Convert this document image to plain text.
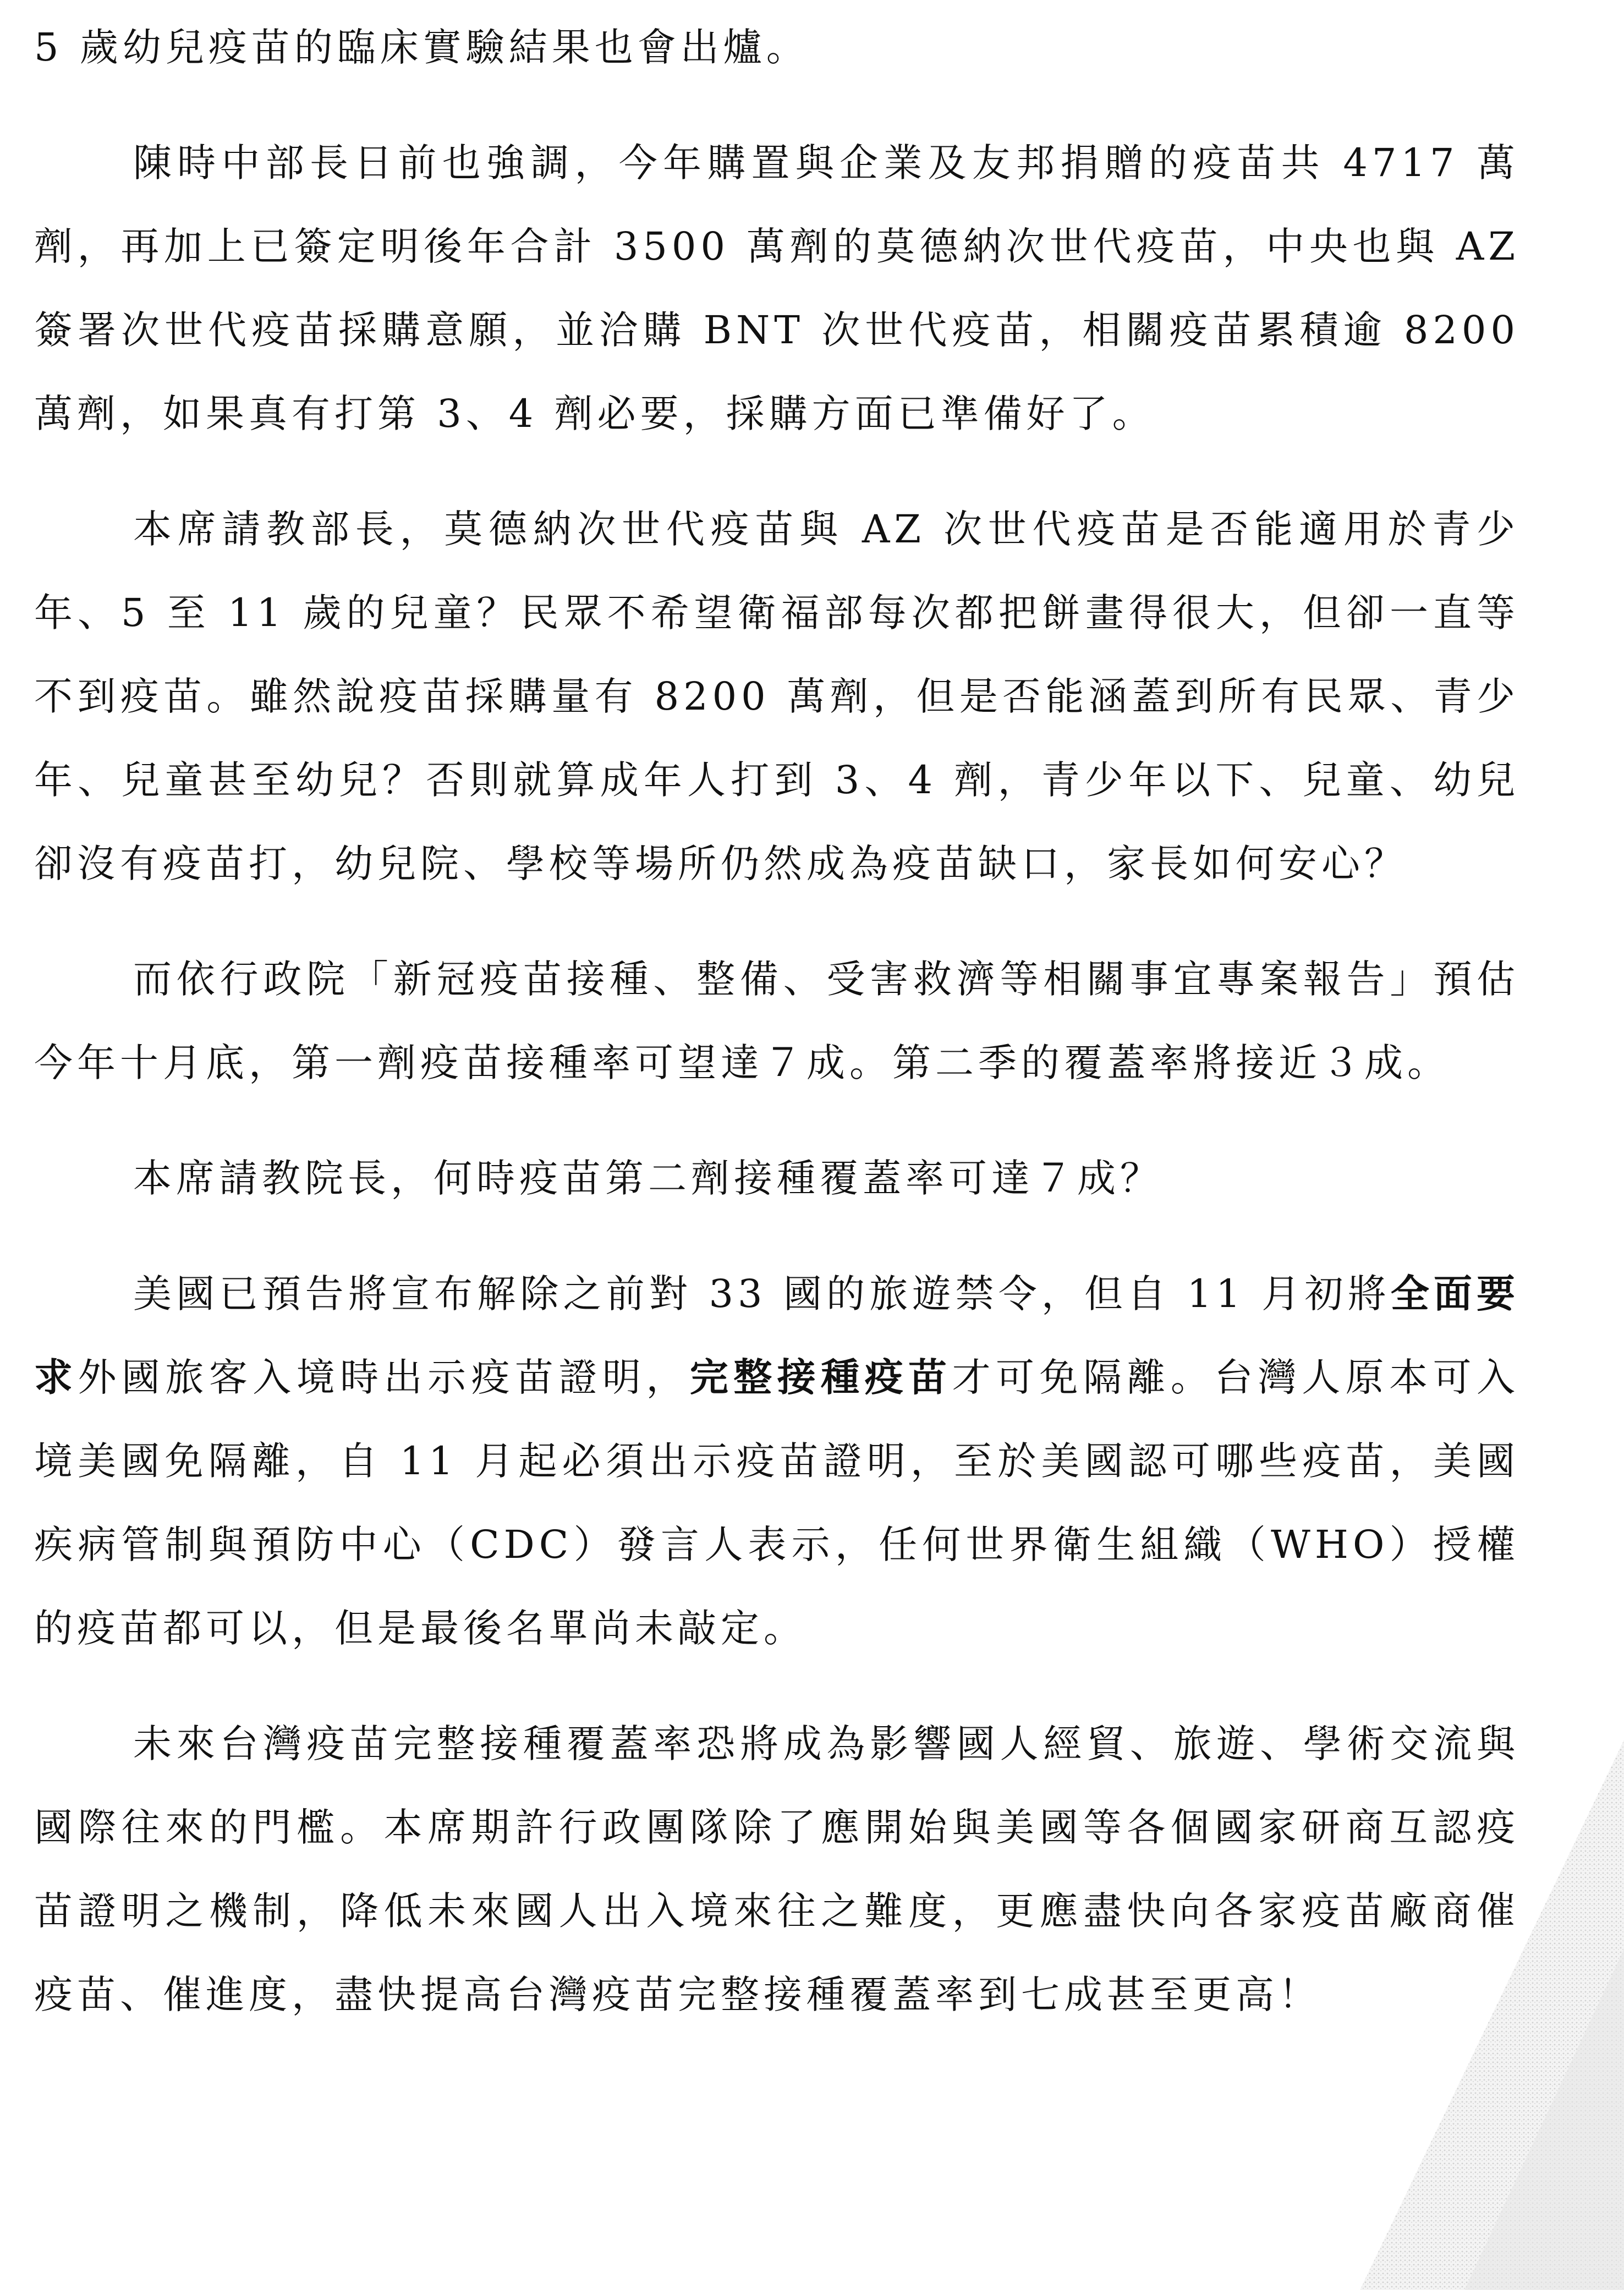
5 歲幼兒疫苗的臨床實驗結果也會出爐。

陳時中部長日前也強調，今年購置與企業及友邦捐贈的疫苗共 4717 萬劑，再加上已簽定明後年合計 3500 萬劑的莫德納次世代疫苗，中央也與 AZ 簽署次世代疫苗採購意願，並洽購 BNT 次世代疫苗，相關疫苗累積逾 8200 萬劑，如果真有打第 3、4 劑必要，採購方面已準備好了。

本席請教部長，莫德納次世代疫苗與 AZ 次世代疫苗是否能適用於青少年、5 至 11 歲的兒童？民眾不希望衛福部每次都把餅畫得很大，但卻一直等不到疫苗。雖然說疫苗採購量有 8200 萬劑，但是否能涵蓋到所有民眾、青少年、兒童甚至幼兒？否則就算成年人打到 3、4 劑，青少年以下、兒童、幼兒卻沒有疫苗打，幼兒院、學校等場所仍然成為疫苗缺口，家長如何安心？

而依行政院「新冠疫苗接種、整備、受害救濟等相關事宜專案報告」預估今年十月底，第一劑疫苗接種率可望達７成。第二季的覆蓋率將接近３成。

本席請教院長，何時疫苗第二劑接種覆蓋率可達７成？

美國已預告將宣布解除之前對 33 國的旅遊禁令，但自 11 月初將全面要求外國旅客入境時出示疫苗證明，完整接種疫苗才可免隔離。台灣人原本可入境美國免隔離，自 11 月起必須出示疫苗證明，至於美國認可哪些疫苗，美國疾病管制與預防中心（CDC）發言人表示，任何世界衛生組織（WHO）授權的疫苗都可以，但是最後名單尚未敲定。

未來台灣疫苗完整接種覆蓋率恐將成為影響國人經貿、旅遊、學術交流與國際往來的門檻。本席期許行政團隊除了應開始與美國等各個國家研商互認疫苗證明之機制，降低未來國人出入境來往之難度，更應盡快向各家疫苗廠商催疫苗、催進度，盡快提高台灣疫苗完整接種覆蓋率到七成甚至更高！
